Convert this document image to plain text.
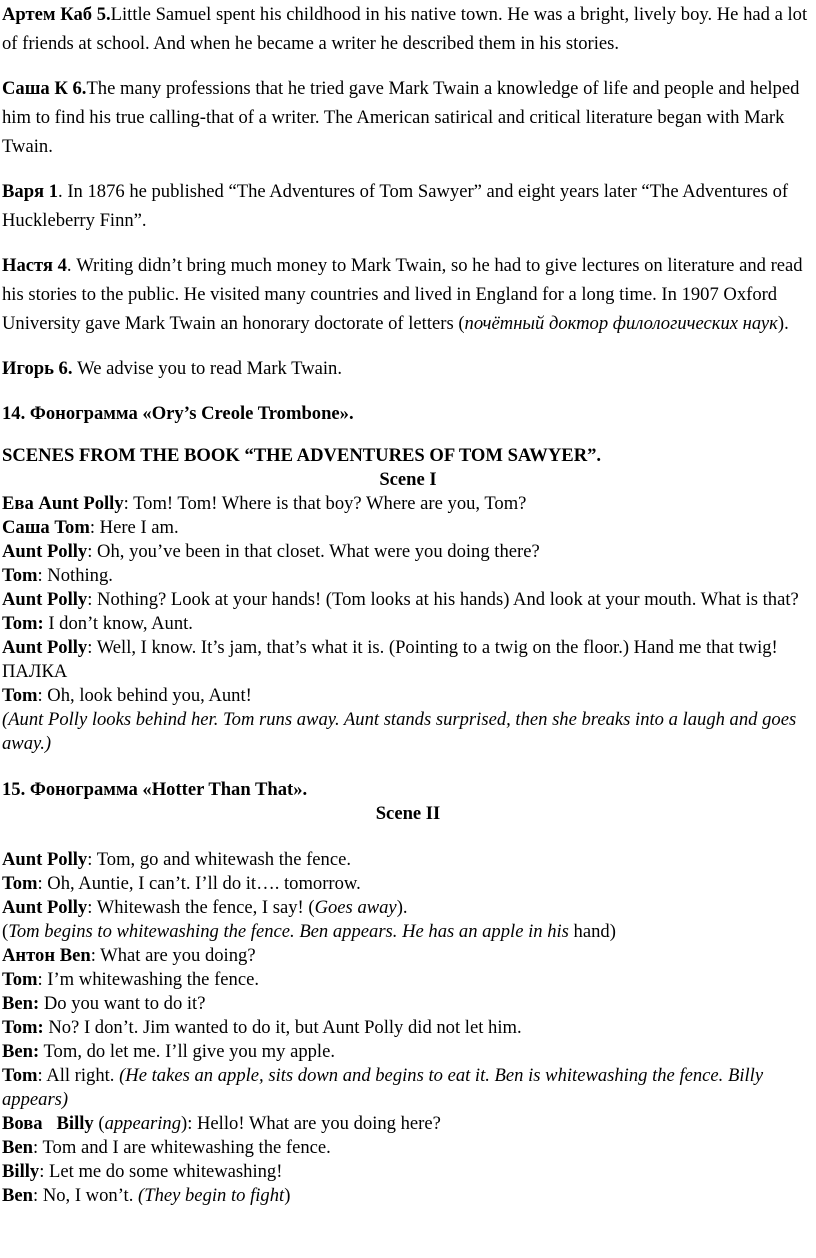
Артем Каб 5.Little Samuel spent his childhood in his native town. He was a bright, lively boy. He had a lot of friends at school. And when he became a writer he described them in his stories.

Саша К 6.The many professions that he tried gave Mark Twain a knowledge of life and people and helped him to find his true calling-that of a writer. The American satirical and critical literature began with Mark Twain.

Варя 1. In 1876 he published “The Adventures of Tom Sawyer” and eight years later “The Adventures of Huckleberry Finn”.

Настя 4. Writing didn’t bring much money to Mark Twain, so he had to give lectures on literature and read his stories to the public. He visited many countries and lived in England for a long time. In 1907 Oxford University gave Mark Twain an honorary doctorate of letters (почётный доктор филологических наук).

Игорь 6. We advise you to read Mark Twain.

14. Фонограмма «Ory’s Creole Trombone».

SCENES FROM THE BOOK “THE ADVENTURES OF TOM SAWYER”.

Scene I

Ева Aunt Polly: Tom! Tom! Where is that boy? Where are you, Tom?

Саша Tom: Here I am.

Aunt Polly: Oh, you’ve been in that closet. What were you doing there?

Tom: Nothing.

Aunt Polly: Nothing? Look at your hands! (Tom looks at his hands) And look at your mouth. What is that?

Tom: I don’t know, Aunt.

Aunt Polly: Well, I know. It’s jam, that’s what it is. (Pointing to a twig on the floor.) Hand me that twig! ПАЛКА

Tom: Oh, look behind you, Aunt!

(Aunt Polly looks behind her. Tom runs away. Aunt stands surprised, then she breaks into a laugh and goes away.)

15. Фонограмма «Hotter Than That».

Scene II

Aunt Polly: Tom, go and whitewash the fence.

Tom: Oh, Auntie, I can’t. I’ll do it…. tomorrow.

Aunt Polly: Whitewash the fence, I say! (Goes away).

(Tom begins to whitewashing the fence. Ben appears. He has an apple in his hand)

Антон Ben: What are you doing?

Tom: I’m whitewashing the fence.

Ben: Do you want to do it?

Tom: No? I don’t. Jim wanted to do it, but Aunt Polly did not let him.

Ben: Tom, do let me. I’ll give you my apple.

Tom: All right. (He takes an apple, sits down and begins to eat it. Ben is whitewashing the fence. Billy appears)

Вова   Billy (appearing): Hello! What are you doing here?

Ben: Tom and I are whitewashing the fence.

Billy: Let me do some whitewashing!

Ben: No, I won’t. (They begin to fight)
